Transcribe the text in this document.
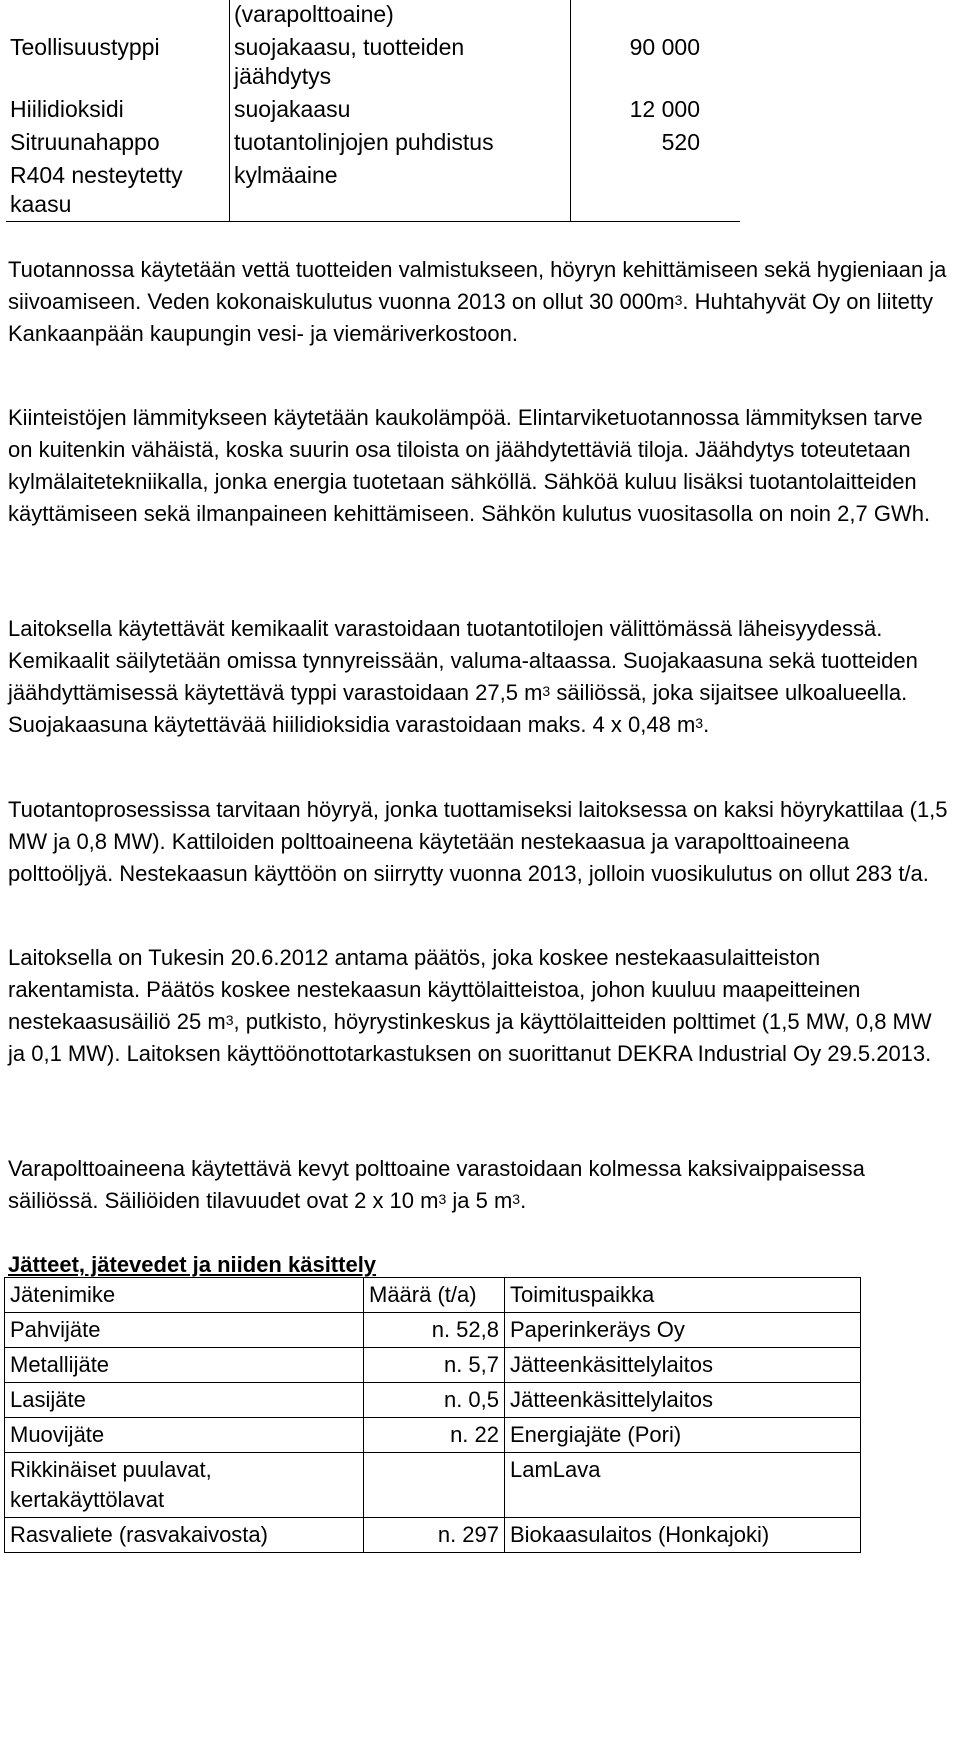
	(varapolttoaine)	
Teollisuustyppi	suojakaasu, tuotteiden jäähdytys	90 000
Hiilidioksidi	suojakaasu	12 000
Sitruunahappo	tuotantolinjojen puhdistus	520
R404 nesteytetty kaasu	kylmäaine	

Tuotannossa käytetään vettä tuotteiden valmistukseen, höyryn kehittämiseen sekä hygieniaan ja siivoamiseen. Veden kokonaiskulutus vuonna 2013 on ollut 30 $000m^3$. Huhtahyvät Oy on liitetty Kankaanpään kaupungin vesi- ja viemäriverkostoon.

Kiinteistöjen lämmitykseen käytetään kaukolämpöä. Elintarviketuotannossa lämmityksen tarve on kuitenkin vähäistä, koska suurin osa tiloista on jäähdytettäviä tiloja. Jäähdytys toteutetaan kylmälaitetekniikalla, jonka energia tuotetaan sähköllä. Sähköä kuluu lisäksi tuotantolaitteiden käyttämiseen sekä ilmanpaineen kehittämiseen. Sähkön kulutus vuositasolla on noin 2,7 GWh.

Laitoksella käytettävät kemikaalit varastoidaan tuotantotilojen välittömässä läheisyydessä. Kemikaalit säilytetään omissa tynnyreissään, valuma-altaassa. Suojakaasuna sekä tuotteiden jäähdyttämisessä käytettävä typpi varastoidaan 27,5 $m^3$ säiliössä, joka sijaitsee ulkoalueella. Suojakaasuna käytettävää hiilidioksidia varastoidaan maks. 4 x 0,48 $m^3$.

Tuotantoprosessissa tarvitaan höyryä, jonka tuottamiseksi laitoksessa on kaksi höyrykattilaa (1,5 MW ja 0,8 MW). Kattiloiden polttoaineena käytetään nestekaasua ja varapolttoaineena polttoöljyä. Nestekaasun käyttöön on siirrytty vuonna 2013, jolloin vuosikulutus on ollut 283 t/a.

Laitoksella on Tukesin 20.6.2012 antama päätös, joka koskee nestekaasulaitteiston rakentamista. Päätös koskee nestekaasun käyttölaitteistoa, johon kuuluu maapeitteinen nestekaasusäiliö 25 $m^3$, putkisto, höyrystinkeskus ja käyttölaitteiden polttimet (1,5 MW, 0,8 MW ja 0,1 MW). Laitoksen käyttöönottotarkastuksen on suorittanut DEKRA Industrial Oy 29.5.2013.

Varapolttoaineena käytettävä kevyt polttoaine varastoidaan kolmessa kaksivaippaisessa säiliössä. Säiliöiden tilavuudet ovat 2 x 10 $m^3$ ja 5 $m^3$.

Jätteet, jätevedet ja niiden käsittely
Jätenimike	Määrä (t/a)	Toimituspaikka
Pahvijäte	n. 52,8	Paperinkeräys Oy
Metallijäte	n. 5,7	Jätteenkäsittelylaitos
Lasijäte	n. 0,5	Jätteenkäsittelylaitos
Muovijäte	n. 22	Energiajäte (Pori)
Rikkinäiset puulavat, kertakäyttölavat		LamLava
Rasvaliete (rasvakaivosta)	n. 297	Biokaasulaitos (Honkajoki)
